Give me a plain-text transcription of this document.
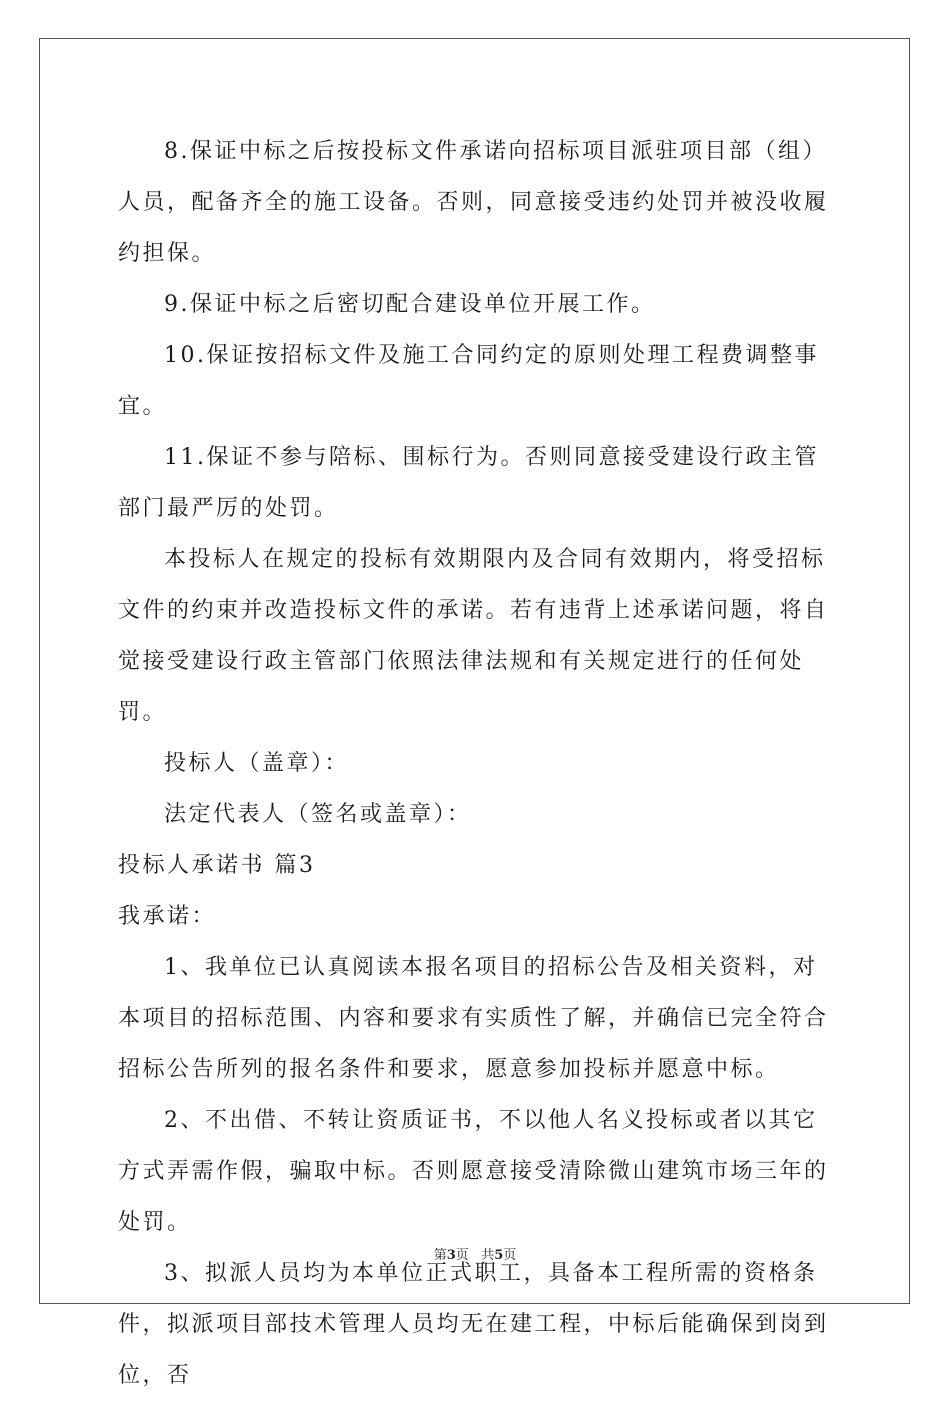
8.保证中标之后按投标文件承诺向招标项目派驻项目部（组）人员，配备齐全的施工设备。否则，同意接受违约处罚并被没收履约担保。

9.保证中标之后密切配合建设单位开展工作。

10.保证按招标文件及施工合同约定的原则处理工程费调整事宜。

11.保证不参与陪标、围标行为。否则同意接受建设行政主管部门最严厉的处罚。

本投标人在规定的投标有效期限内及合同有效期内，将受招标文件的约束并改造投标文件的承诺。若有违背上述承诺问题，将自觉接受建设行政主管部门依照法律法规和有关规定进行的任何处罚。

投标人（盖章）：

法定代表人（签名或盖章）：

投标人承诺书 篇3

我承诺：

1、我单位已认真阅读本报名项目的招标公告及相关资料，对本项目的招标范围、内容和要求有实质性了解，并确信已完全符合招标公告所列的报名条件和要求，愿意参加投标并愿意中标。

2、不出借、不转让资质证书，不以他人名义投标或者以其它方式弄需作假，骗取中标。否则愿意接受清除微山建筑市场三年的处罚。

3、拟派人员均为本单位正式职工，具备本工程所需的资格条件，拟派项目部技术管理人员均无在建工程，中标后能确保到岗到位，否

第3页 共5页
